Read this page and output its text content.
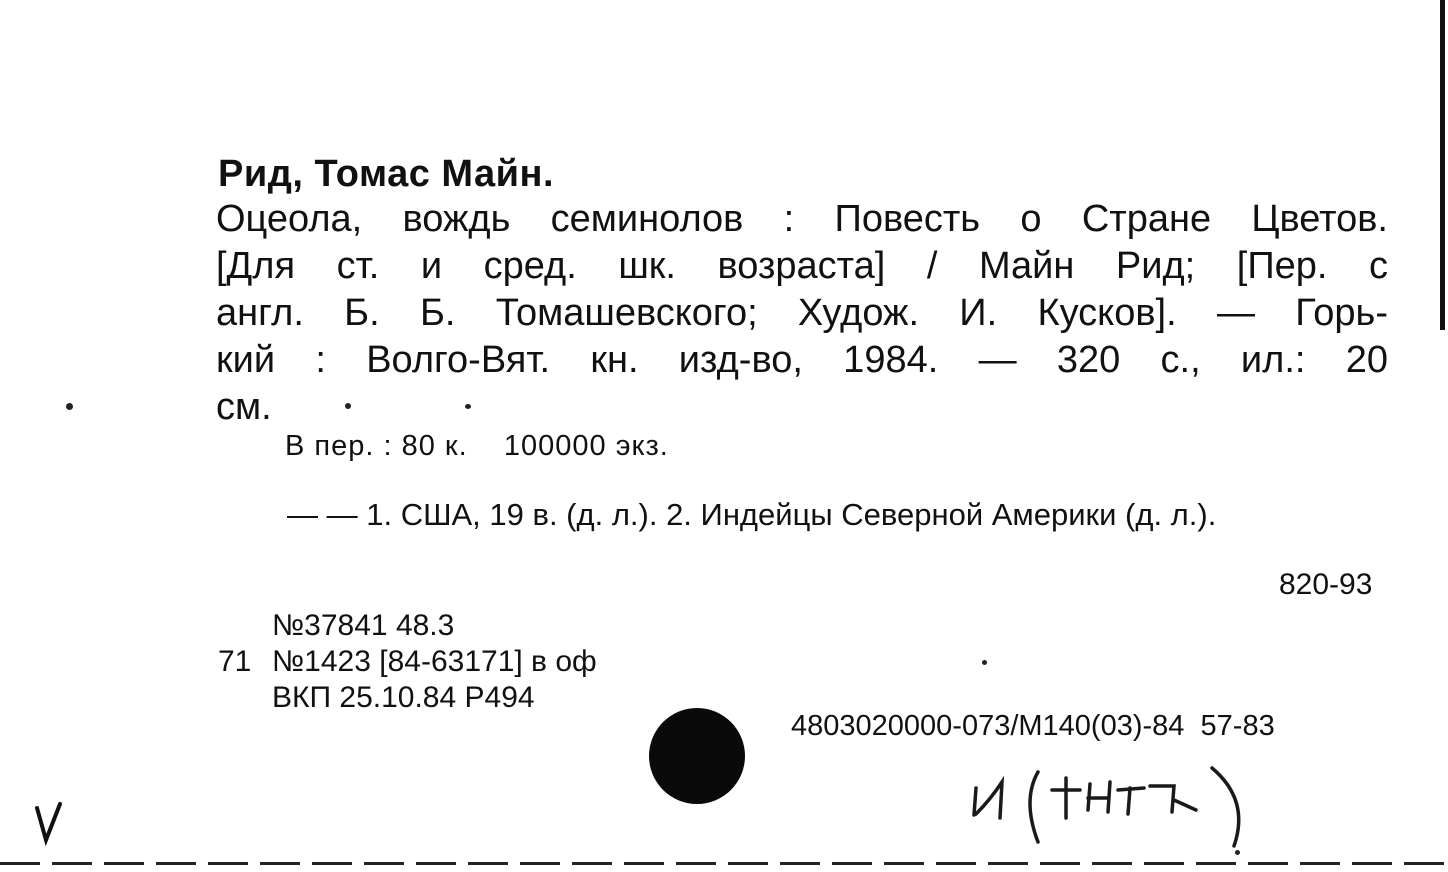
Рид, Томас Майн.
Оцеола, вождь семинолов : Повесть о Стране Цветов.
[Для ст. и сред. шк. возраста] / Майн Рид; [Пер. с
англ. Б. Б. Томашевского; Худож. И. Кусков]. — Горь-
кий : Волго-Вят. кн. изд-во, 1984. — 320 с., ил.: 20
см.
В пер. : 80 к.    100000 экз.
— — 1. США, 19 в. (д. л.). 2. Индейцы Северной Америки (д. л.).
820-93
№37841 48.3
71 №1423 [84-63171] в оф
ВКП 25.10.84 Р494
4803020000-073/М140(03)-84  57-83
